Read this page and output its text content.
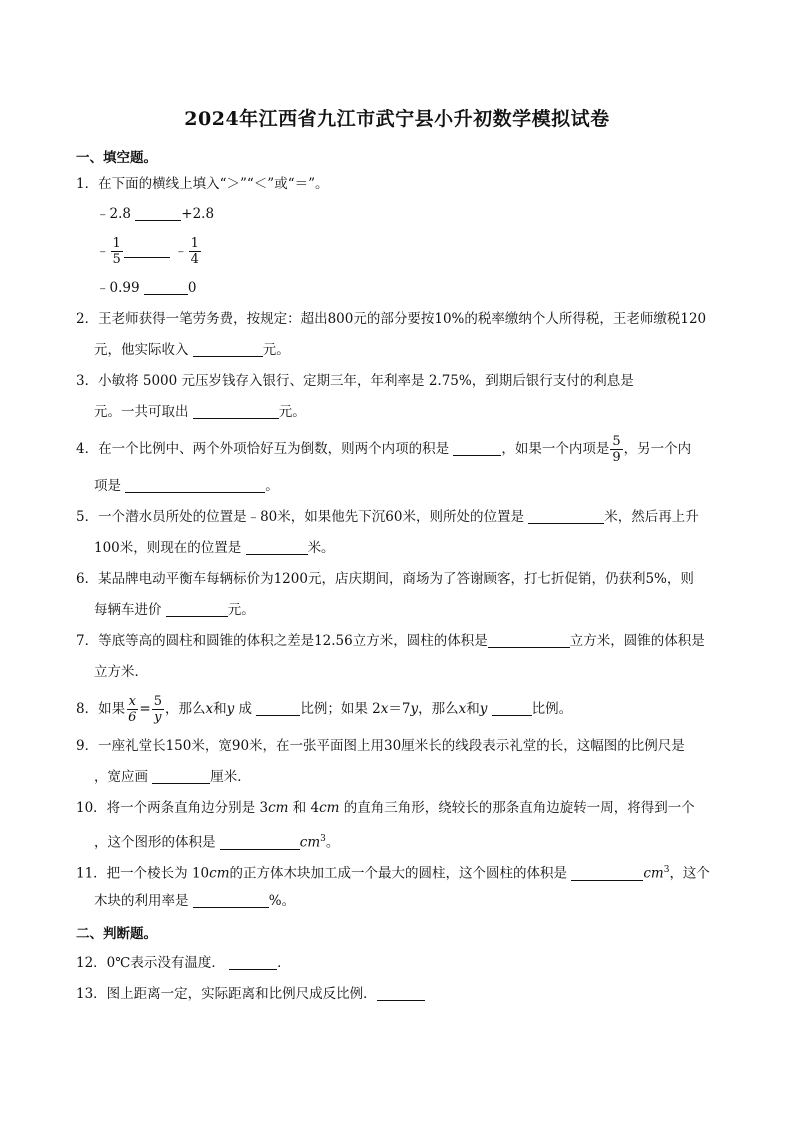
2024年江西省九江市武宁县小升初数学模拟试卷
一、填空题。
1．在下面的横线上填入“＞”“＜”或“＝”。
﹣2.8	+2.8
﹣ $\frac{1}{5}$	﹣ $\frac{1}{4}$
﹣0.99	0
2．王老师获得一笔劳务费，按规定：超出800元的部分要按10%的税率缴纳个人所得税，王老师缴税120
元，他实际收入	元。
3．小敏将 5000 元压岁钱存入银行、定期三年，年利率是 2.75%，到期后银行支付的利息是
元。一共可取出	元。
4．在一个比例中、两个外项恰好互为倒数，则两个内项的积是	，如果一个内项是 $\frac{5}{9}$ ，另一个内
项是	。
5．一个潜水员所处的位置是﹣80米，如果他先下沉60米，则所处的位置是	米，然后再上升
100米，则现在的位置是	米。
6．某品牌电动平衡车每辆标价为1200元，店庆期间，商场为了答谢顾客，打七折促销，仍获利5%，则
每辆车进价	元。
7．等底等高的圆柱和圆锥的体积之差是12.56立方米，圆柱的体积是	立方米，圆锥的体积是
立方米．
8．如果 $\frac{x}{6} = \frac{5}{y}$ ，那么x和y 成	比例；如果 2x＝7y，那么x和y	比例。
9．一座礼堂长150米，宽90米，在一张平面图上用30厘米长的线段表示礼堂的长，这幅图的比例尺是
，宽应画	厘米．
10．将一个两条直角边分别是 3cm 和 4cm 的直角三角形，绕较长的那条直角边旋转一周，将得到一个
，这个图形的体积是	$cm^3$。
11．把一个棱长为 10cm的正方体木块加工成一个最大的圆柱，这个圆柱的体积是	$cm^3$，这个
木块的利用率是	%。
二、判断题。
12．0℃表示没有温度．	．
13．图上距离一定，实际距离和比例尺成反比例．
